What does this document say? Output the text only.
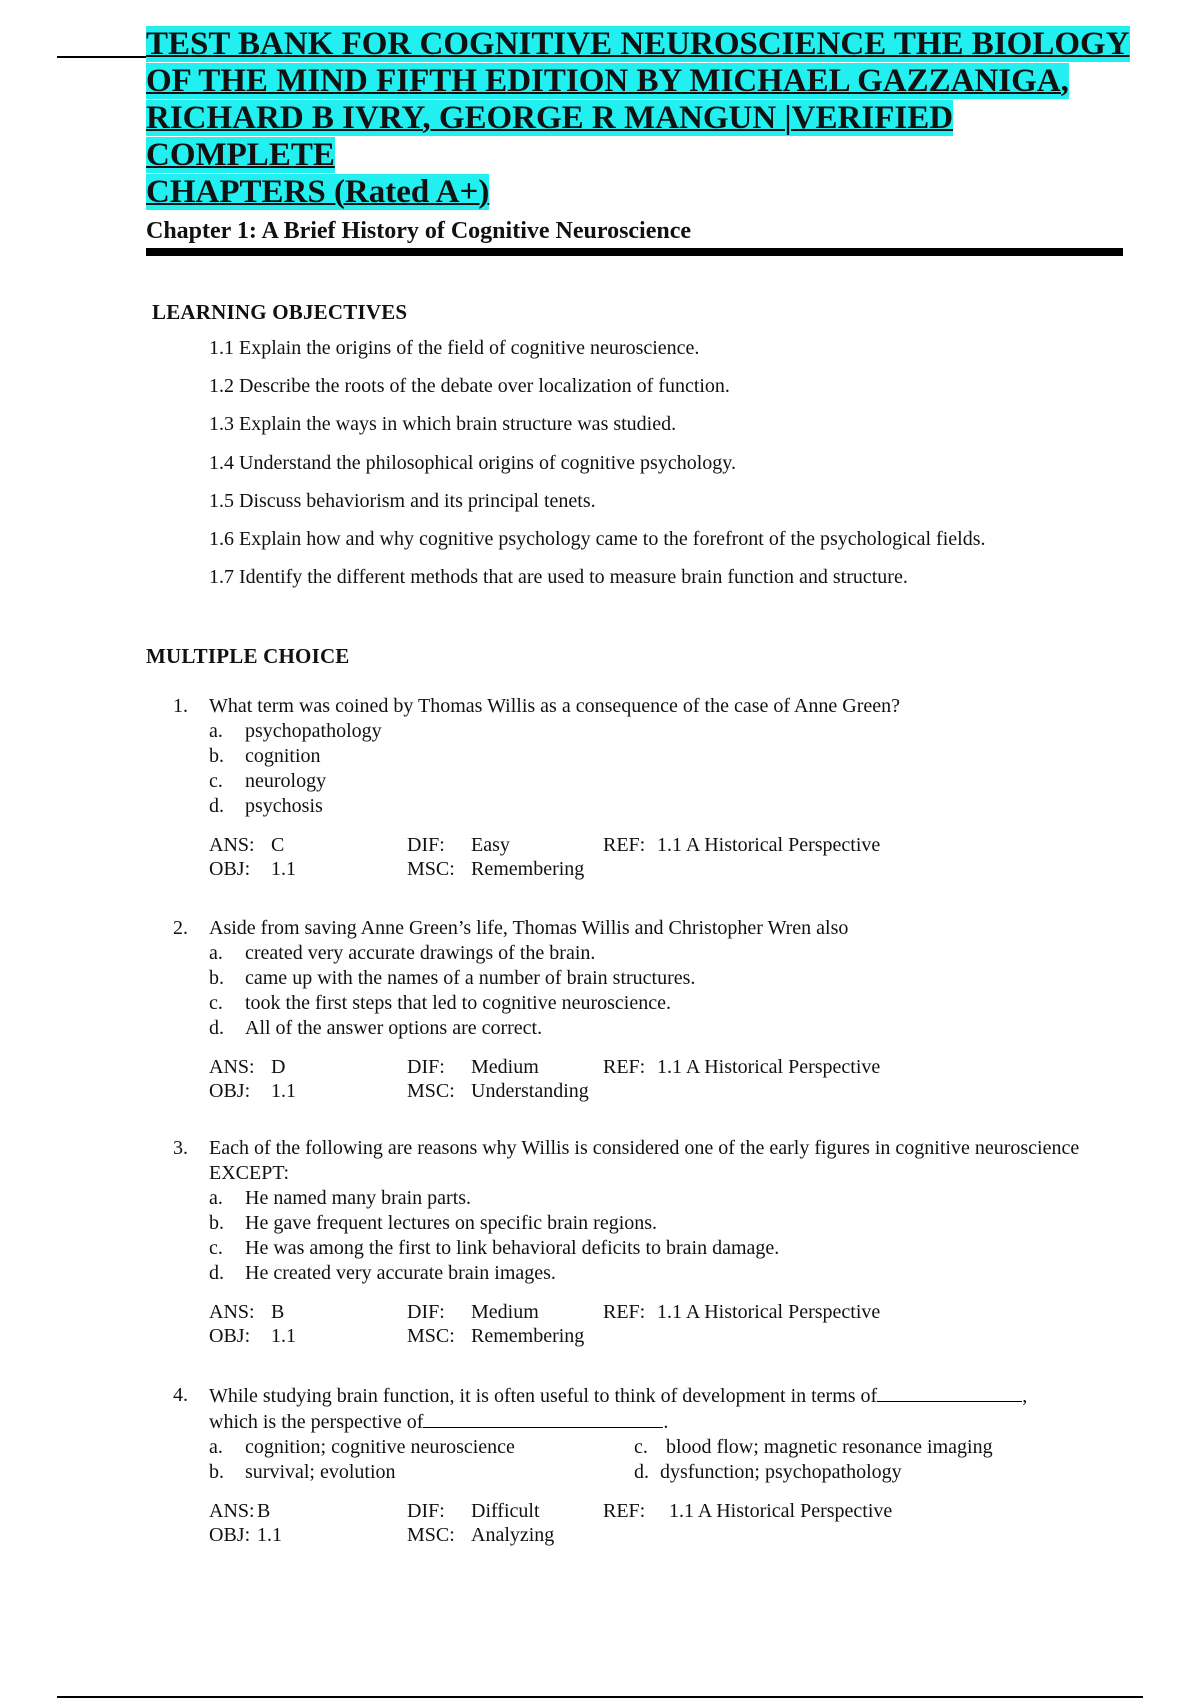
TEST BANK FOR COGNITIVE NEUROSCIENCE THE BIOLOGY
OF THE MIND FIFTH EDITION BY MICHAEL GAZZANIGA,
RICHARD B IVRY, GEORGE R MANGUN |VERIFIED COMPLETE
CHAPTERS (Rated A+)
Chapter 1: A Brief History of Cognitive Neuroscience
LEARNING OBJECTIVES
1.1 Explain the origins of the field of cognitive neuroscience.
1.2 Describe the roots of the debate over localization of function.
1.3 Explain the ways in which brain structure was studied.
1.4 Understand the philosophical origins of cognitive psychology.
1.5 Discuss behaviorism and its principal tenets.
1.6 Explain how and why cognitive psychology came to the forefront of the psychological fields.
1.7 Identify the different methods that are used to measure brain function and structure.
MULTIPLE CHOICE
1.	What term was coined by Thomas Willis as a consequence of the case of Anne Green?
a.	psychopathology
b.	cognition
c.	neurology
d.	psychosis
ANS: C	DIF:	Easy	REF: 1.1 A Historical Perspective
OBJ:	1.1	MSC: Remembering
2.	Aside from saving Anne Green’s life, Thomas Willis and Christopher Wren also
a.	created very accurate drawings of the brain.
b.	came up with the names of a number of brain structures.
c.	took the first steps that led to cognitive neuroscience.
d.	All of the answer options are correct.
ANS: D	DIF:	Medium	REF: 1.1 A Historical Perspective
OBJ:	1.1	MSC: Understanding
3.	Each of the following are reasons why Willis is considered one of the early figures in cognitive neuroscience EXCEPT:
a.	He named many brain parts.
b.	He gave frequent lectures on specific brain regions.
c.	He was among the first to link behavioral deficits to brain damage.
d.	He created very accurate brain images.
ANS: B	DIF:	Medium	REF: 1.1 A Historical Perspective
OBJ:	1.1	MSC: Remembering
4.	While studying brain function, it is often useful to think of development in terms of	,
which is the perspective of	.
a.	cognition; cognitive neuroscience	c. blood flow; magnetic resonance imaging
b.	survival; evolution	d. dysfunction; psychopathology
ANS: B	DIF:	Difficult	REF:	1.1 A Historical Perspective
OBJ: 1.1	MSC: Analyzing
